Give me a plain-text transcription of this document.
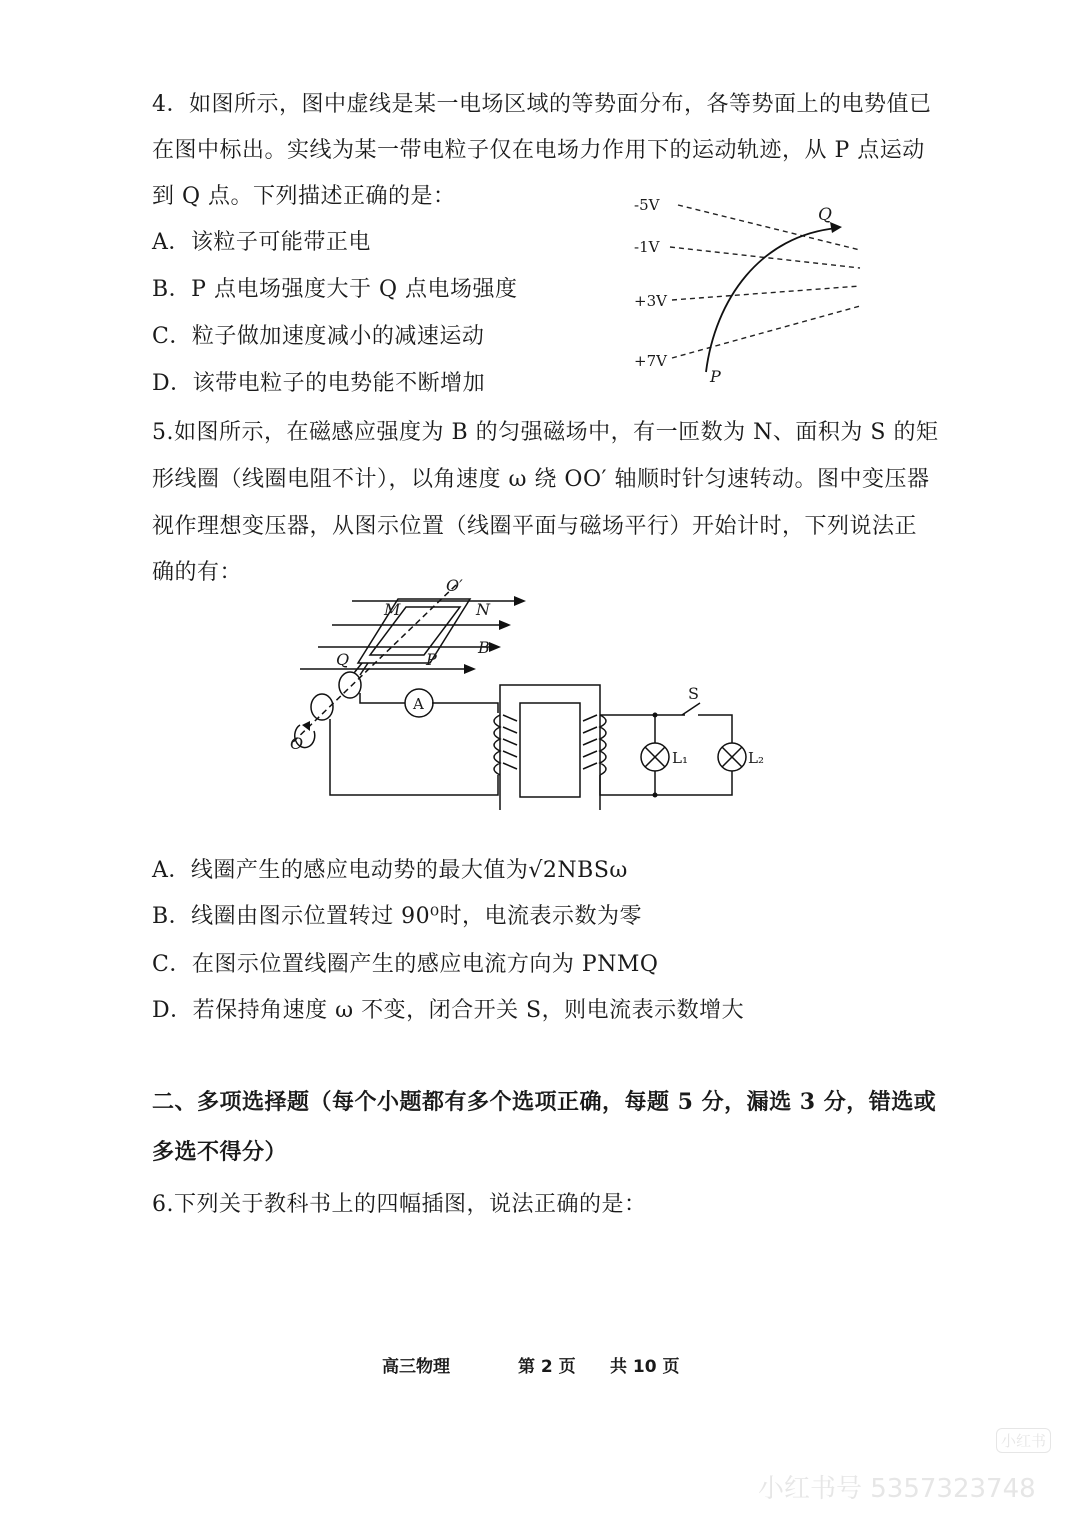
4．如图所示，图中虚线是某一电场区域的等势面分布，各等势面上的电势值已
在图中标出。实线为某一带电粒子仅在电场力作用下的运动轨迹，从 P 点运动
到 Q 点。下列描述正确的是：
A．该粒子可能带正电
B．P 点电场强度大于 Q 点电场强度
C．粒子做加速度减小的减速运动
D．该带电粒子的电势能不断增加
-5V
-1V
+3V
+7V
Q
P
5.如图所示，在磁感应强度为 B 的匀强磁场中，有一匝数为 N、面积为 S 的矩
形线圈（线圈电阻不计），以角速度 ω 绕 OO′ 轴顺时针匀速转动。图中变压器
视作理想变压器，从图示位置（线圈平面与磁场平行）开始计时，下列说法正
确的有：
O′
O
M	N
Q	P
B
A
S
L₁	L₂
A．线圈产生的感应电动势的最大值为√2NBSω
B．线圈由图示位置转过 90⁰时，电流表示数为零
C．在图示位置线圈产生的感应电流方向为 PNMQ
D．若保持角速度 ω 不变，闭合开关 S，则电流表示数增大
二、多项选择题（每个小题都有多个选项正确，每题 5 分，漏选 3 分，错选或
多选不得分）
6.下列关于教科书上的四幅插图，说法正确的是：
高三物理	第 2 页 共 10 页
小红书
小红书号 5357323748
